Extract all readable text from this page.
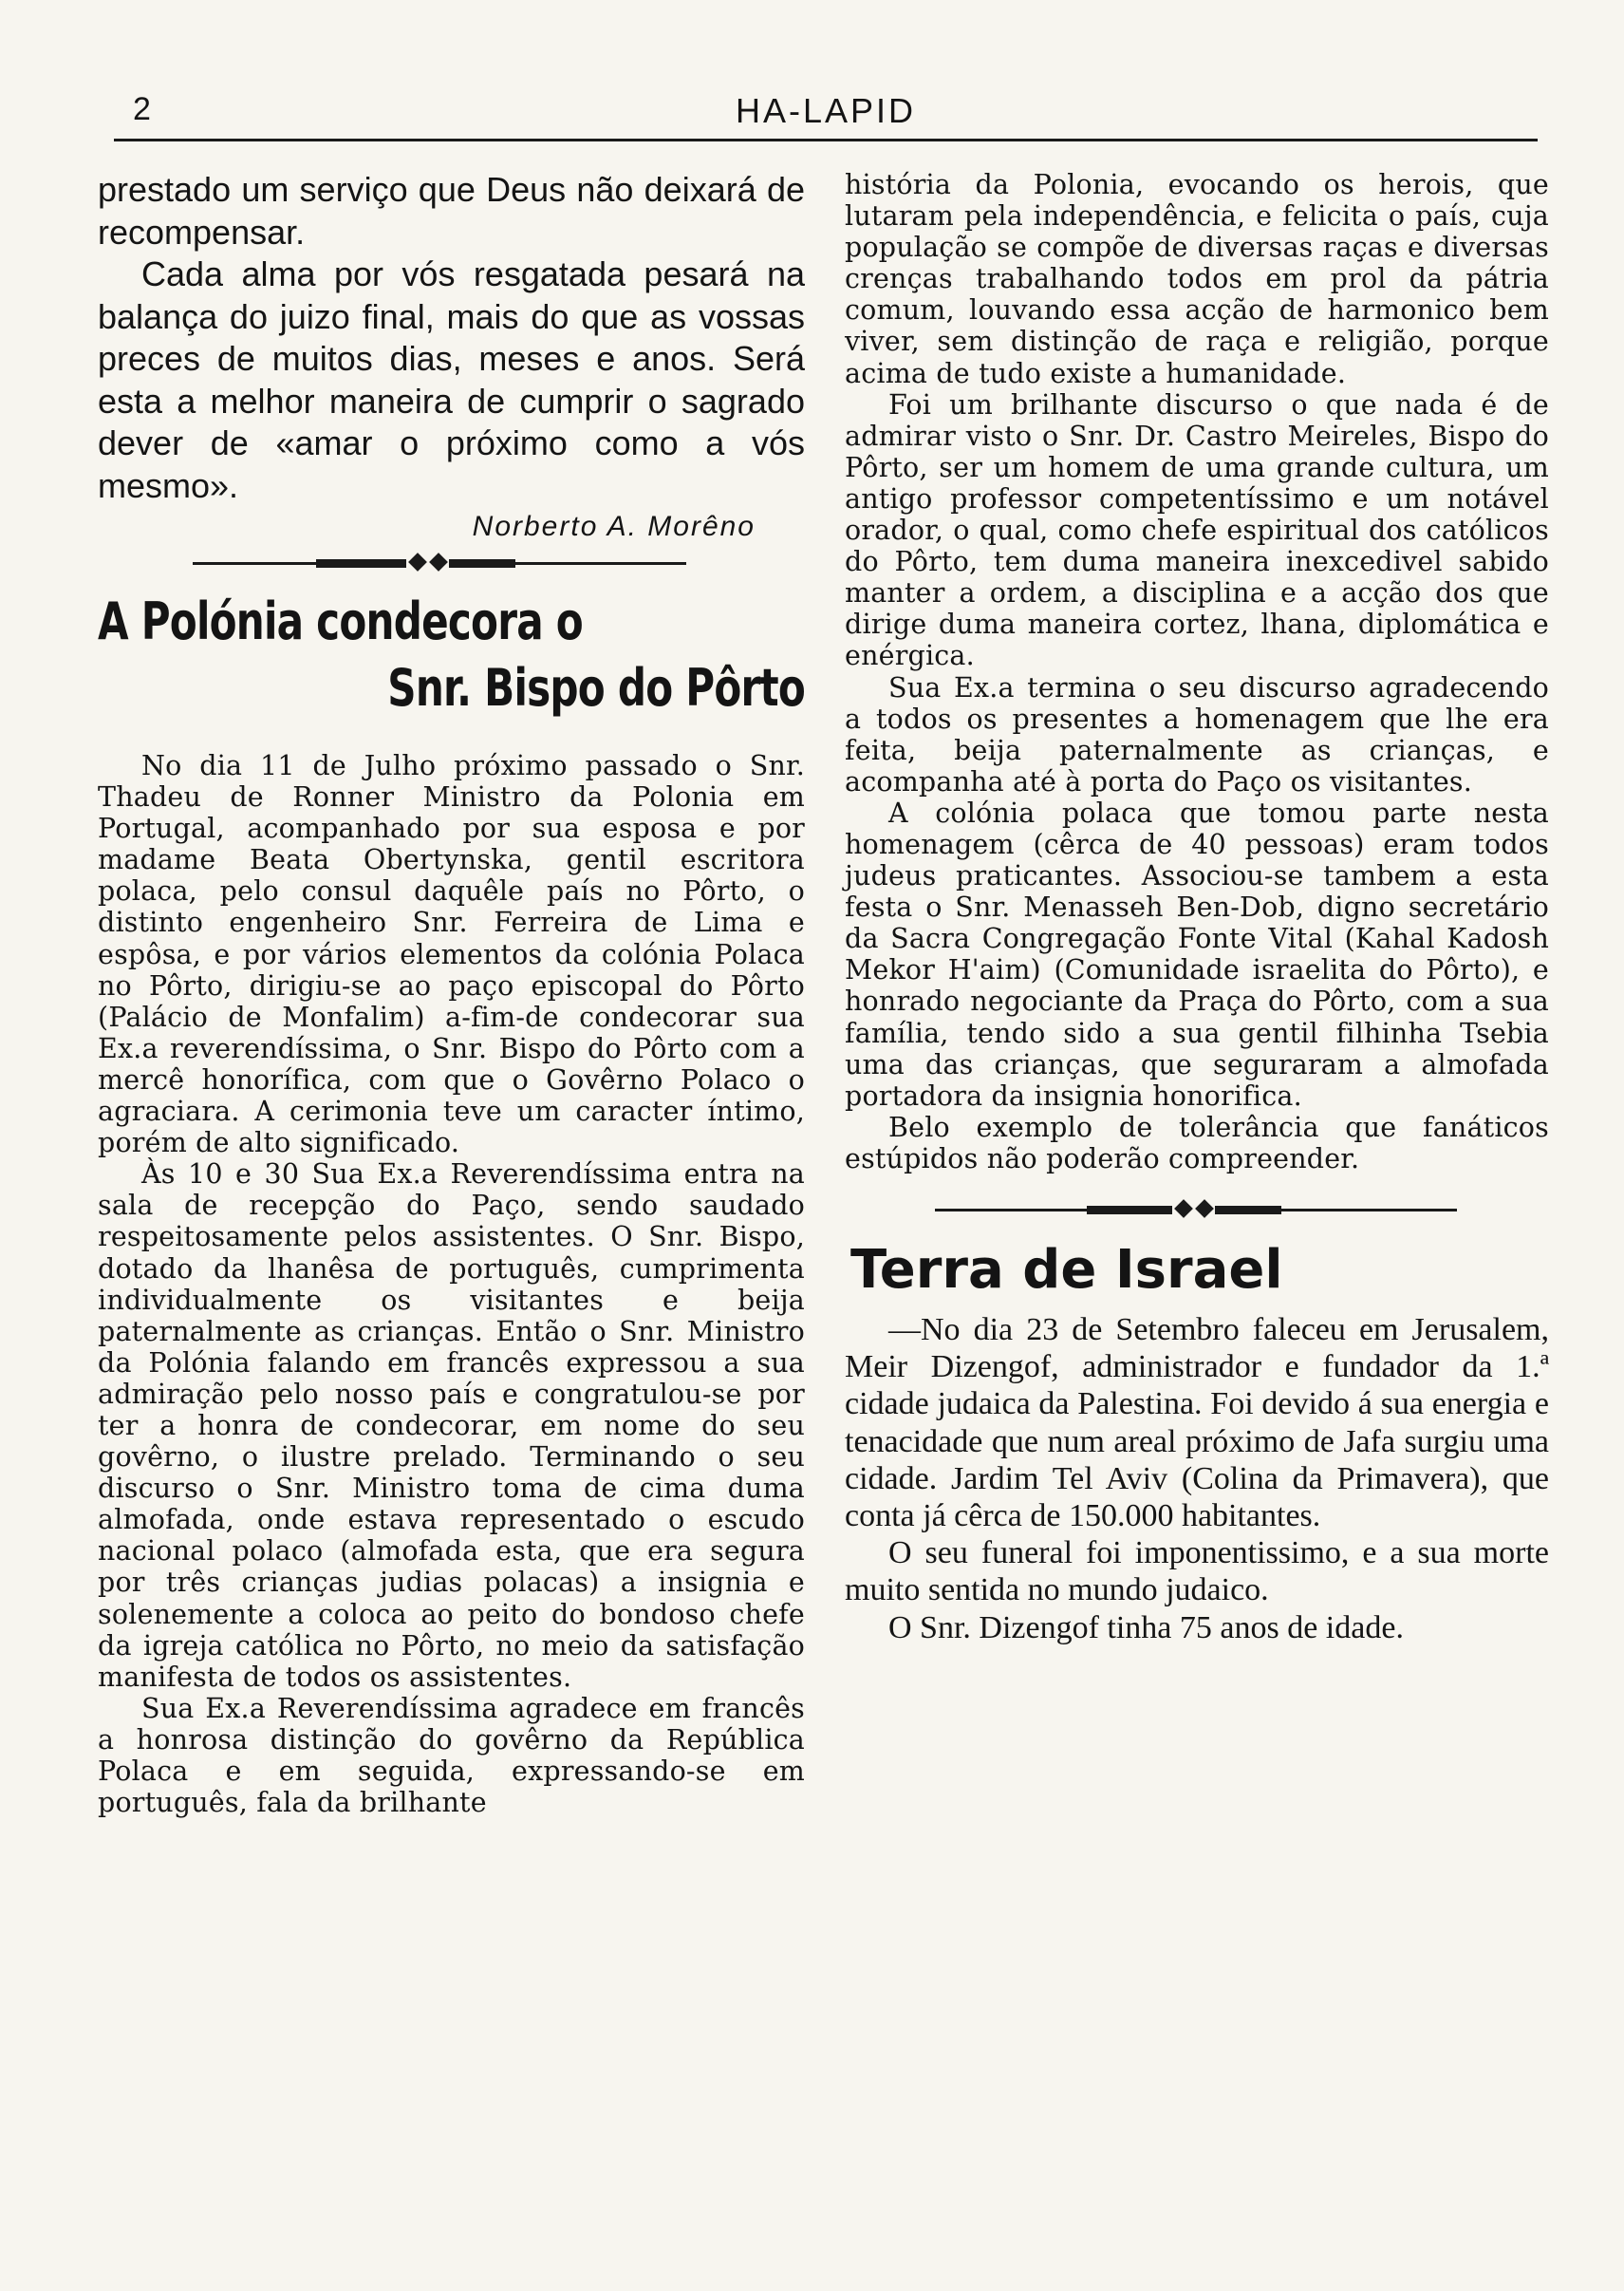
2	HA-LAPID

prestado um serviço que Deus não deixará de recompensar.

Cada alma por vós resgatada pesará na balança do juizo final, mais do que as vossas preces de muitos dias, meses e anos. Será esta a melhor maneira de cumprir o sagrado dever de «amar o próximo como a vós mesmo».

Norberto A. Morêno
A Polónia condecora o
Snr. Bispo do Pôrto

No dia 11 de Julho próximo passado o Snr. Thadeu de Ronner Ministro da Polonia em Portugal, acompanhado por sua esposa e por madame Beata Obertynska, gentil escritora polaca, pelo consul daquêle país no Pôrto, o distinto engenheiro Snr. Ferreira de Lima e espôsa, e por vários elementos da colónia Polaca no Pôrto, dirigiu-se ao paço episcopal do Pôrto (Palácio de Monfalim) a-fim-de condecorar sua Ex.a reverendíssima, o Snr. Bispo do Pôrto com a mercê honorífica, com que o Govêrno Polaco o agraciara. A cerimonia teve um caracter íntimo, porém de alto significado.

Às 10 e 30 Sua Ex.a Reverendíssima entra na sala de recepção do Paço, sendo saudado respeitosamente pelos assistentes. O Snr. Bispo, dotado da lhanêsa de português, cumprimenta individualmente os visitantes e beija paternalmente as crianças. Então o Snr. Ministro da Polónia falando em francês expressou a sua admiração pelo nosso país e congratulou-se por ter a honra de condecorar, em nome do seu govêrno, o ilustre prelado. Terminando o seu discurso o Snr. Ministro toma de cima duma almofada, onde estava representado o escudo nacional polaco (almofada esta, que era segura por três crianças judias polacas) a insignia e solenemente a coloca ao peito do bondoso chefe da igreja católica no Pôrto, no meio da satisfação manifesta de todos os assistentes.

Sua Ex.a Reverendíssima agradece em francês a honrosa distinção do govêrno da República Polaca e em seguida, expressando-se em português, fala da brilhante

história da Polonia, evocando os herois, que lutaram pela independência, e felicita o país, cuja população se compõe de diversas raças e diversas crenças trabalhando todos em prol da pátria comum, louvando essa acção de harmonico bem viver, sem distinção de raça e religião, porque acima de tudo existe a humanidade.

Foi um brilhante discurso o que nada é de admirar visto o Snr. Dr. Castro Meireles, Bispo do Pôrto, ser um homem de uma grande cultura, um antigo professor competentíssimo e um notável orador, o qual, como chefe espiritual dos católicos do Pôrto, tem duma maneira inexcedivel sabido manter a ordem, a disciplina e a acção dos que dirige duma maneira cortez, lhana, diplomática e enérgica.

Sua Ex.a termina o seu discurso agradecendo a todos os presentes a homenagem que lhe era feita, beija paternalmente as crianças, e acompanha até à porta do Paço os visitantes.

A colónia polaca que tomou parte nesta homenagem (cêrca de 40 pessoas) eram todos judeus praticantes. Associou-se tambem a esta festa o Snr. Menasseh Ben-Dob, digno secretário da Sacra Congregação Fonte Vital (Kahal Kadosh Mekor H'aim) (Comunidade israelita do Pôrto), e honrado negociante da Praça do Pôrto, com a sua família, tendo sido a sua gentil filhinha Tsebia uma das crianças, que seguraram a almofada portadora da insignia honorifica.

Belo exemplo de tolerância que fanáticos estúpidos não poderão compreender.

Terra de Israel

—No dia 23 de Setembro faleceu em Jerusalem, Meir Dizengof, administrador e fundador da 1.ª cidade judaica da Palestina. Foi devido á sua energia e tenacidade que num areal próximo de Jafa surgiu uma cidade. Jardim Tel Aviv (Colina da Primavera), que conta já cêrca de 150.000 habitantes.

O seu funeral foi imponentissimo, e a sua morte muito sentida no mundo judaico.

O Snr. Dizengof tinha 75 anos de idade.
